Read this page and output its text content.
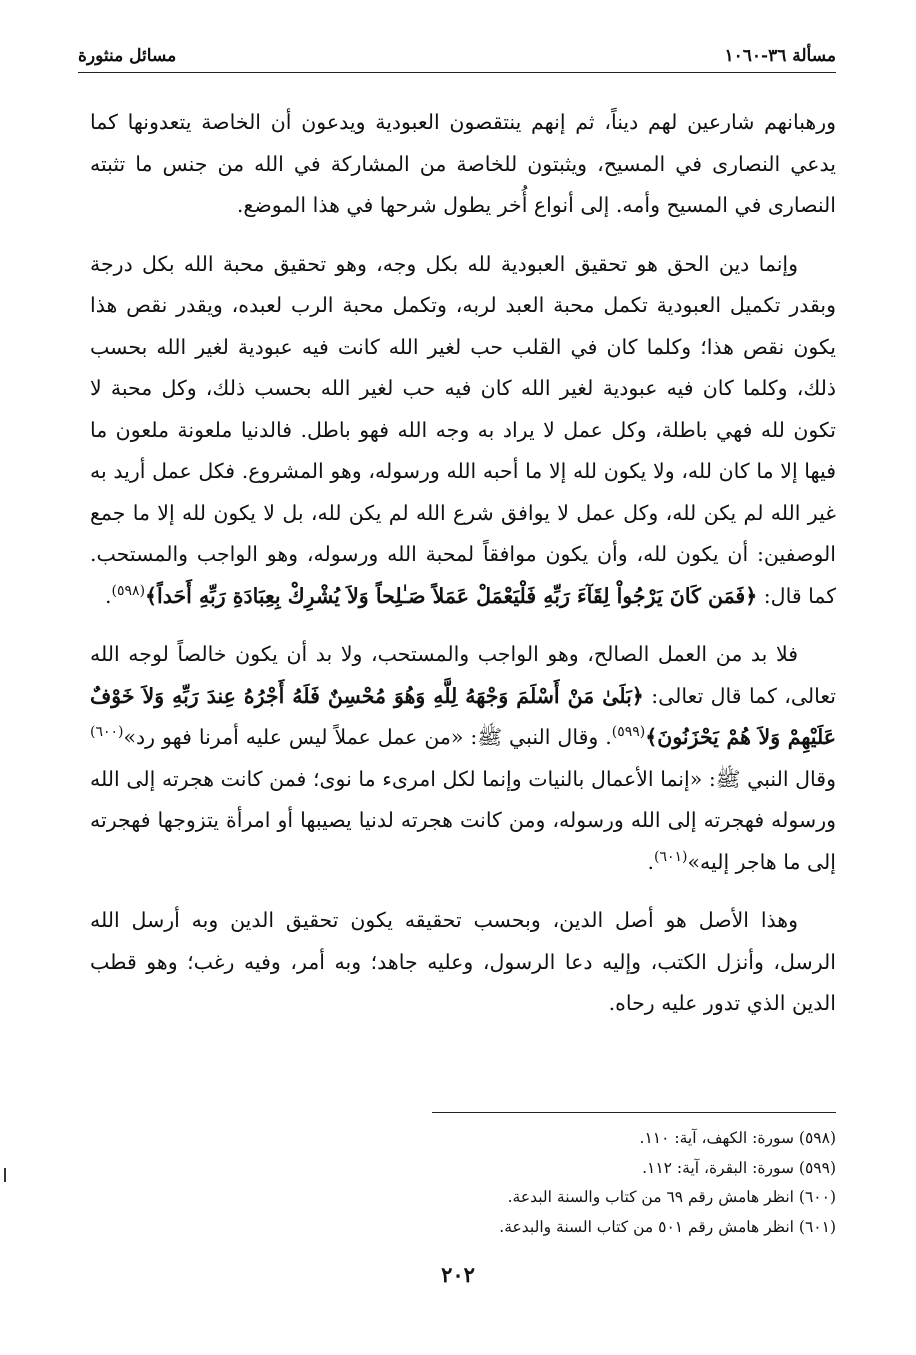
مسائل منثورة	مسألة ٣٦-١٠٦٠

ورهبانهم شارعين لهم ديناً، ثم إنهم ينتقصون العبودية ويدعون أن الخاصة يتعدونها كما يدعي النصارى في المسيح، ويثبتون للخاصة من المشاركة في الله من جنس ما تثبته النصارى في المسيح وأمه. إلى أنواع أُخر يطول شرحها في هذا الموضع.

وإنما دين الحق هو تحقيق العبودية لله بكل وجه، وهو تحقيق محبة الله بكل درجة وبقدر تكميل العبودية تكمل محبة العبد لربه، وتكمل محبة الرب لعبده، ويقدر نقص هذا يكون نقص هذا؛ وكلما كان في القلب حب لغير الله كانت فيه عبودية لغير الله بحسب ذلك، وكلما كان فيه عبودية لغير الله كان فيه حب لغير الله بحسب ذلك، وكل محبة لا تكون لله فهي باطلة، وكل عمل لا يراد به وجه الله فهو باطل. فالدنيا ملعونة ملعون ما فيها إلا ما كان لله، ولا يكون لله إلا ما أحبه الله ورسوله، وهو المشروع. فكل عمل أريد به غير الله لم يكن لله، وكل عمل لا يوافق شرع الله لم يكن لله، بل لا يكون لله إلا ما جمع الوصفين: أن يكون لله، وأن يكون موافقاً لمحبة الله ورسوله، وهو الواجب والمستحب. كما قال: ﴿فَمَن كَانَ يَرْجُواْ لِقَآءَ رَبِّهِ فَلْيَعْمَلْ عَمَلاً صَـٰلِحاً وَلاَ يُشْرِكْ بِعِبَادَةِ رَبِّهِ أَحَداً﴾$^{(٥٩٨)}$.

فلا بد من العمل الصالح، وهو الواجب والمستحب، ولا بد أن يكون خالصاً لوجه الله تعالى، كما قال تعالى: ﴿بَلَىٰ مَنْ أَسْلَمَ وَجْهَهُ لِلَّهِ وَهُوَ مُحْسِنٌ فَلَهُ أَجْرُهُ عِندَ رَبِّهِ وَلاَ خَوْفٌ عَلَيْهِمْ وَلاَ هُمْ يَحْزَنُونَ﴾$^{(٥٩٩)}$. وقال النبي ﷺ: «من عمل عملاً ليس عليه أمرنا فهو رد»$^{(٦٠٠)}$ وقال النبي ﷺ: «إنما الأعمال بالنيات وإنما لكل امرىء ما نوى؛ فمن كانت هجرته إلى الله ورسوله فهجرته إلى الله ورسوله، ومن كانت هجرته لدنيا يصيبها أو امرأة يتزوجها فهجرته إلى ما هاجر إليه»$^{(٦٠١)}$.

وهذا الأصل هو أصل الدين، وبحسب تحقيقه يكون تحقيق الدين وبه أرسل الله الرسل، وأنزل الكتب، وإليه دعا الرسول، وعليه جاهد؛ وبه أمر، وفيه رغب؛ وهو قطب الدين الذي تدور عليه رحاه.

(٥٩٨) سورة: الكهف، آية: ١١٠.

(٥٩٩) سورة: البقرة، آية: ١١٢.

(٦٠٠) انظر هامش رقم ٦٩ من كتاب والسنة البدعة.

(٦٠١) انظر هامش رقم ٥٠١ من كتاب السنة والبدعة.

٢٠٢
